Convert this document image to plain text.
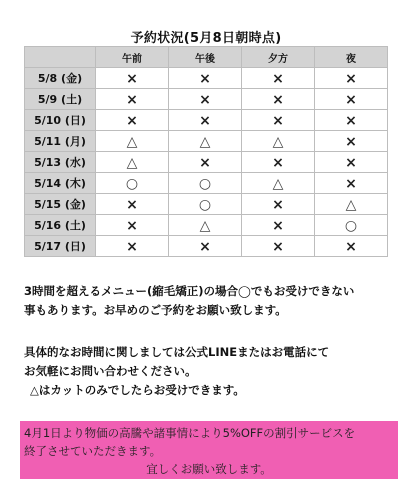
予約状況(5月8日朝時点)
	午前	午後	夕方	夜
5/8 (金)	×	×	×	×
5/9 (土)	×	×	×	×
5/10 (日)	×	×	×	×
5/11 (月)	△	△	△	×
5/13 (水)	△	×	×	×
5/14 (木)	○	○	△	×
5/15 (金)	×	○	×	△
5/16 (土)	×	△	×	○
5/17 (日)	×	×	×	×
3時間を超えるメニュー(縮毛矯正)の場合◯でもお受けできない
事もあります。お早めのご予約をお願い致します。
具体的なお時間に関しましては公式LINEまたはお電話にて
お気軽にお問い合わせください。
△はカットのみでしたらお受けできます。
4月1日より物価の高騰や諸事情により5%OFFの割引サービスを
終了させていただきます。
宜しくお願い致します。
